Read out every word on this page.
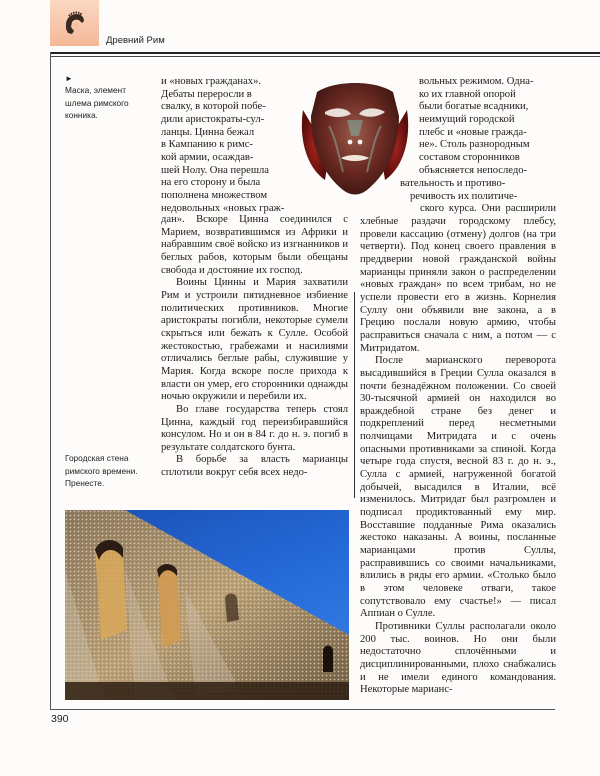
Древний Рим
►
Маска, элемент шлема римского конника.
Городская стена римского времени. Пренесте.

и «новых гражданах».

Дебаты переросли в

свалку, в которой побе-

дили аристократы-сул-

ланцы. Цинна бежал

в Кампанию к римс-

кой армии, осаждав-

шей Нолу. Она перешла

на его сторону и была

пополнена множеством

недовольных «новых граж-

дан». Вскоре Цинна соединился с Марием, возвратившимся из Африки и набравшим своё войско из изгнанников и беглых рабов, которым были обещаны свобода и достояние их господ.

Воины Цинны и Мария захватили Рим и устроили пятидневное избиение политических противников. Многие аристократы погибли, некоторые сумели скрыться или бежать к Сулле. Особой жестокостью, грабежами и насилиями отличались беглые рабы, служившие у Мария. Когда вскоре после прихода к власти он умер, его сторонники однажды ночью окружили и перебили их.

Во главе государства теперь стоял Цинна, каждый год переизбиравшийся консулом. Но и он в 84 г. до н. э. погиб в результате солдатского бунта.

В борьбе за власть марианцы сплотили вокруг себя всех недо-

вольных режимом. Одна-

ко их главной опорой

были богатые всадники,

неимущий городской

плебс и «новые гражда-

не». Столь разнородным

составом сторонников

объясняется непоследо-

вательность и противо-

речивость их политиче-

ского курса. Они расширили хлебные раздачи городскому плебсу, провели кассацию (отмену) долгов (на три четверти). Под конец своего правления в преддверии новой гражданской войны марианцы приняли закон о распределении «новых граждан» по всем трибам, но не успели провести его в жизнь. Корнелия Суллу они объявили вне закона, а в Грецию послали новую армию, чтобы расправиться сначала с ним, а потом — с Митридатом.

После марианского переворота высадившийся в Греции Сулла оказался в почти безнадёжном положении. Со своей 30-тысячной армией он находился во враждебной стране без денег и подкреплений перед несметными полчищами Митридата и с очень опасными противниками за спиной. Когда четыре года спустя, весной 83 г. до н. э., Сулла с армией, нагруженной богатой добычей, высадился в Италии, всё изменилось. Митридат был разгромлен и подписал продиктованный ему мир. Восставшие подданные Рима оказались жестоко наказаны. А воины, посланные марианцами против Суллы, расправившись со своими начальниками, влились в ряды его армии. «Столько было в этом человеке отваги, такое сопутствовало ему счастье!» — писал Аппиан о Сулле.

Противники Суллы располагали около 200 тыс. воинов. Но они были недостаточно сплочёнными и дисциплинированными, плохо снабжались и не имели единого командования. Некоторые марианс-

390
